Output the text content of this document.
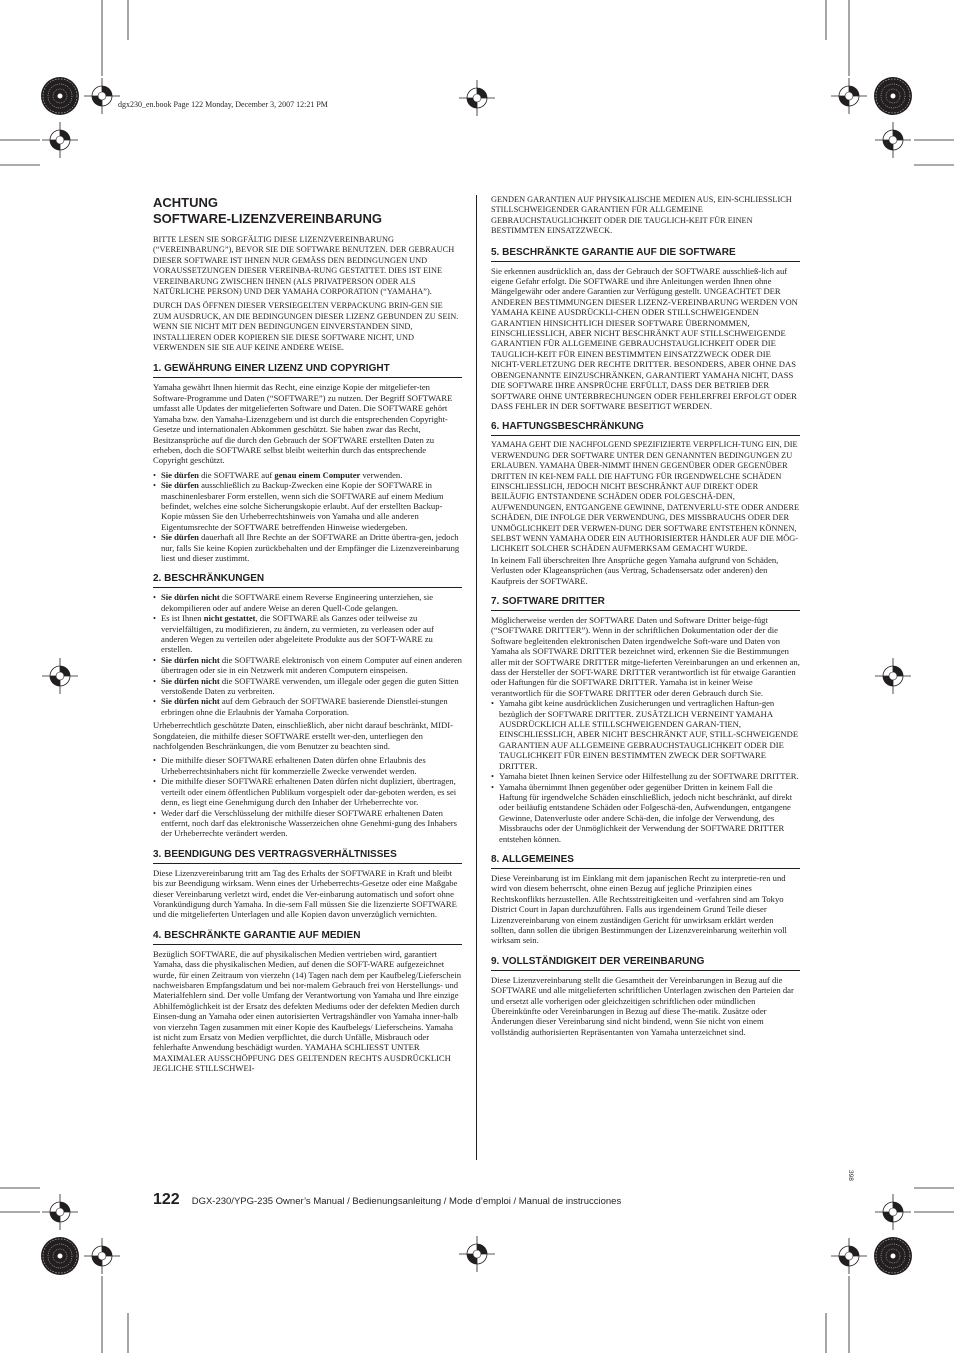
dgx230_en.book Page 122 Monday, December 3, 2007 12:21 PM
ACHTUNG
SOFTWARE-LIZENZVEREINBARUNG

BITTE LESEN SIE SORGFÄLTIG DIESE LIZENZVEREINBARUNG (“VEREINBARUNG”), BEVOR SIE DIE SOFTWARE BENUTZEN. DER GEBRAUCH DIESER SOFTWARE IST IHNEN NUR GEMÄSS DEN BEDINGUNGEN UND VORAUSSETZUNGEN DIESER VEREINBA-RUNG GESTATTET. DIES IST EINE VEREINBARUNG ZWISCHEN IHNEN (ALS PRIVATPERSON ODER ALS NATÜRLICHE PERSON) UND DER YAMAHA CORPORATION (“YAMAHA”).

DURCH DAS ÖFFNEN DIESER VERSIEGELTEN VERPACKUNG BRIN-GEN SIE ZUM AUSDRUCK, AN DIE BEDINGUNGEN DIESER LIZENZ GEBUNDEN ZU SEIN. WENN SIE NICHT MIT DEN BEDINGUNGEN EINVERSTANDEN SIND, INSTALLIEREN ODER KOPIEREN SIE DIESE SOFTWARE NICHT, UND VERWENDEN SIE SIE AUF KEINE ANDERE WEISE.

1. GEWÄHRUNG EINER LIZENZ UND COPYRIGHT

Yamaha gewährt Ihnen hiermit das Recht, eine einzige Kopie der mitgeliefer-ten Software-Programme und Daten (“SOFTWARE”) zu nutzen. Der Begriff SOFTWARE umfasst alle Updates der mitgelieferten Software und Daten. Die SOFTWARE gehört Yamaha bzw. den Yamaha-Lizenzgebern und ist durch die entsprechenden Copyright-Gesetze und internationalen Abkommen geschützt. Sie haben zwar das Recht, Besitzansprüche auf die durch den Gebrauch der SOFTWARE erstellten Daten zu erheben, doch die SOFTWARE selbst bleibt weiterhin durch das entsprechende Copyright geschützt.

• Sie dürfen die SOFTWARE auf genau einem Computer verwenden.
• Sie dürfen ausschließlich zu Backup-Zwecken eine Kopie der SOFTWARE in maschinenlesbarer Form erstellen, wenn sich die SOFTWARE auf einem Medium befindet, welches eine solche Sicherungskopie erlaubt. Auf der erstellten Backup-Kopie müssen Sie den Urheberrechtshinweis von Yamaha und alle anderen Eigentumsrechte der SOFTWARE betreffenden Hinweise wiedergeben.
• Sie dürfen dauerhaft all Ihre Rechte an der SOFTWARE an Dritte übertra-gen, jedoch nur, falls Sie keine Kopien zurückbehalten und der Empfänger die Lizenzvereinbarung liest und dieser zustimmt.
2. BESCHRÄNKUNGEN
• Sie dürfen nicht die SOFTWARE einem Reverse Engineering unterziehen, sie dekompilieren oder auf andere Weise an deren Quell-Code gelangen.
• Es ist Ihnen nicht gestattet, die SOFTWARE als Ganzes oder teilweise zu vervielfältigen, zu modifizieren, zu ändern, zu vermieten, zu verleasen oder auf anderen Wegen zu verteilen oder abgeleitete Produkte aus der SOFT-WARE zu erstellen.
• Sie dürfen nicht die SOFTWARE elektronisch von einem Computer auf einen anderen übertragen oder sie in ein Netzwerk mit anderen Computern einspeisen.
• Sie dürfen nicht die SOFTWARE verwenden, um illegale oder gegen die guten Sitten verstoßende Daten zu verbreiten.
• Sie dürfen nicht auf dem Gebrauch der SOFTWARE basierende Dienstlei-stungen erbringen ohne die Erlaubnis der Yamaha Corporation.

Urheberrechtlich geschützte Daten, einschließlich, aber nicht darauf beschränkt, MIDI-Songdateien, die mithilfe dieser SOFTWARE erstellt wer-den, unterliegen den nachfolgenden Beschränkungen, die vom Benutzer zu beachten sind.

• Die mithilfe dieser SOFTWARE erhaltenen Daten dürfen ohne Erlaubnis des Urheberrechtsinhabers nicht für kommerzielle Zwecke verwendet werden.
• Die mithilfe dieser SOFTWARE erhaltenen Daten dürfen nicht dupliziert, übertragen, verteilt oder einem öffentlichen Publikum vorgespielt oder dar-geboten werden, es sei denn, es liegt eine Genehmigung durch den Inhaber der Urheberrechte vor.
• Weder darf die Verschlüsselung der mithilfe dieser SOFTWARE erhaltenen Daten entfernt, noch darf das elektronische Wasserzeichen ohne Genehmi-gung des Inhabers der Urheberrechte verändert werden.
3. BEENDIGUNG DES VERTRAGSVERHÄLTNISSES

Diese Lizenzvereinbarung tritt am Tag des Erhalts der SOFTWARE in Kraft und bleibt bis zur Beendigung wirksam. Wenn eines der Urheberrechts-Gesetze oder eine Maßgabe dieser Vereinbarung verletzt wird, endet die Ver-einbarung automatisch und sofort ohne Vorankündigung durch Yamaha. In die-sem Fall müssen Sie die lizenzierte SOFTWARE und die mitgelieferten Unterlagen und alle Kopien davon unverzüglich vernichten.

4. BESCHRÄNKTE GARANTIE AUF MEDIEN

Bezüglich SOFTWARE, die auf physikalischen Medien vertrieben wird, garantiert Yamaha, dass die physikalischen Medien, auf denen die SOFT-WARE aufgezeichnet wurde, für einen Zeitraum von vierzehn (14) Tagen nach dem per Kaufbeleg/Lieferschein nachweisbaren Empfangsdatum und bei nor-malem Gebrauch frei von Herstellungs- und Materialfehlern sind. Der volle Umfang der Verantwortung von Yamaha und Ihre einzige Abhilfemöglichkeit ist der Ersatz des defekten Mediums oder der defekten Medien durch Einsen-dung an Yamaha oder einen autorisierten Vertragshändler von Yamaha inner-halb von vierzehn Tagen zusammen mit einer Kopie des Kaufbelegs/ Lieferscheins. Yamaha ist nicht zum Ersatz von Medien verpflichtet, die durch Unfälle, Misbrauch oder fehlerhafte Anwendung beschädigt wurden. YAMAHA SCHLIESST UNTER MAXIMALER AUSSCHÖPFUNG DES GELTENDEN RECHTS AUSDRÜCKLICH JEGLICHE STILLSCHWEI-

GENDEN GARANTIEN AUF PHYSIKALISCHE MEDIEN AUS, EIN-SCHLIESSLICH STILLSCHWEIGENDER GARANTIEN FÜR ALLGEMEINE GEBRAUCHSTAUGLICHKEIT ODER DIE TAUGLICH-KEIT FÜR EINEN BESTIMMTEN EINSATZZWECK.

5. BESCHRÄNKTE GARANTIE AUF DIE SOFTWARE

Sie erkennen ausdrücklich an, dass der Gebrauch der SOFTWARE ausschließ-lich auf eigene Gefahr erfolgt. Die SOFTWARE und ihre Anleitungen werden Ihnen ohne Mängelgewähr oder andere Garantien zur Verfügung gestellt. UNGEACHTET DER ANDEREN BESTIMMUNGEN DIESER LIZENZ-VEREINBARUNG WERDEN VON YAMAHA KEINE AUSDRÜCKLI-CHEN ODER STILLSCHWEIGENDEN GARANTIEN HINSICHTLICH DIESER SOFTWARE ÜBERNOMMEN, EINSCHLIESSLICH, ABER NICHT BESCHRÄNKT AUF STILLSCHWEIGENDE GARANTIEN FÜR ALLGEMEINE GEBRAUCHSTAUGLICHKEIT ODER DIE TAUGLICH-KEIT FÜR EINEN BESTIMMTEN EINSATZZWECK ODER DIE NICHT-VERLETZUNG DER RECHTE DRITTER. BESONDERS, ABER OHNE DAS OBENGENANNTE EINZUSCHRÄNKEN, GARANTIERT YAMAHA NICHT, DASS DIE SOFTWARE IHRE ANSPRÜCHE ERFÜLLT, DASS DER BETRIEB DER SOFTWARE OHNE UNTERBRECHUNGEN ODER FEHLERFREI ERFOLGT ODER DASS FEHLER IN DER SOFTWARE BESEITIGT WERDEN.

6. HAFTUNGSBESCHRÄNKUNG

YAMAHA GEHT DIE NACHFOLGEND SPEZIFIZIERTE VERPFLICH-TUNG EIN, DIE VERWENDUNG DER SOFTWARE UNTER DEN GENANNTEN BEDINGUNGEN ZU ERLAUBEN. YAMAHA ÜBER-NIMMT IHNEN GEGENÜBER ODER GEGENÜBER DRITTEN IN KEI-NEM FALL DIE HAFTUNG FÜR IRGENDWELCHE SCHÄDEN EINSCHLIESSLICH, JEDOCH NICHT BESCHRÄNKT AUF DIREKT ODER BEILÄUFIG ENTSTANDENE SCHÄDEN ODER FOLGESCHÄ-DEN, AUFWENDUNGEN, ENTGANGENE GEWINNE, DATENVERLU-STE ODER ANDERE SCHÄDEN, DIE INFOLGE DER VERWENDUNG, DES MISSBRAUCHS ODER DER UNMÖGLICHKEIT DER VERWEN-DUNG DER SOFTWARE ENTSTEHEN KÖNNEN, SELBST WENN YAMAHA ODER EIN AUTHORISIERTER HÄNDLER AUF DIE MÖG-LICHKEIT SOLCHER SCHÄDEN AUFMERKSAM GEMACHT WURDE.

In keinem Fall überschreiten Ihre Ansprüche gegen Yamaha aufgrund von Schäden, Verlusten oder Klageansprüchen (aus Vertrag, Schadensersatz oder anderen) den Kaufpreis der SOFTWARE.

7. SOFTWARE DRITTER

Möglicherweise werden der SOFTWARE Daten und Software Dritter beige-fügt (“SOFTWARE DRITTER”). Wenn in der schriftlichen Dokumentation oder der die Software begleitenden elektronischen Daten irgendwelche Soft-ware und Daten von Yamaha als SOFTWARE DRITTER bezeichnet wird, erkennen Sie die Bestimmungen aller mit der SOFTWARE DRITTER mitge-lieferten Vereinbarungen an und erkennen an, dass der Hersteller der SOFT-WARE DRITTER verantwortlich ist für etwaige Garantien oder Haftungen für die SOFTWARE DRITTER. Yamaha ist in keiner Weise verantwortlich für die SOFTWARE DRITTER oder deren Gebrauch durch Sie.

• Yamaha gibt keine ausdrücklichen Zusicherungen und vertraglichen Haftun-gen bezüglich der SOFTWARE DRITTER. ZUSÄTZLICH VERNEINT YAMAHA AUSDRÜCKLICH ALLE STILLSCHWEIGENDEN GARAN-TIEN, EINSCHLIESSLICH, ABER NICHT BESCHRÄNKT AUF, STILL-SCHWEIGENDE GARANTIEN AUF ALLGEMEINE GEBRAUCHSTAUGLICHKEIT ODER DIE TAUGLICHKEIT FÜR EINEN BESTIMMTEN ZWECK DER SOFTWARE DRITTER.
• Yamaha bietet Ihnen keinen Service oder Hilfestellung zu der SOFTWARE DRITTER.
• Yamaha übernimmt Ihnen gegenüber oder gegenüber Dritten in keinem Fall die Haftung für irgendwelche Schäden einschließlich, jedoch nicht beschränkt, auf direkt oder beiläufig entstandene Schäden oder Folgeschä-den, Aufwendungen, entgangene Gewinne, Datenverluste oder andere Schä-den, die infolge der Verwendung, des Missbrauchs oder der Unmöglichkeit der Verwendung der SOFTWARE DRITTER entstehen können.
8. ALLGEMEINES

Diese Vereinbarung ist im Einklang mit dem japanischen Recht zu interpretie-ren und wird von diesem beherrscht, ohne einen Bezug auf jegliche Prinzipien eines Rechtskonflikts herzustellen. Alle Rechtsstreitigkeiten und -verfahren sind am Tokyo District Court in Japan durchzuführen. Falls aus irgendeinem Grund Teile dieser Lizenzvereinbarung von einem zuständigen Gericht für unwirksam erklärt werden sollten, dann sollen die übrigen Bestimmungen der Lizenzvereinbarung weiterhin voll wirksam sein.

9. VOLLSTÄNDIGKEIT DER VEREINBARUNG

Diese Lizenzvereinbarung stellt die Gesamtheit der Vereinbarungen in Bezug auf die SOFTWARE und alle mitgelieferten schriftlichen Unterlagen zwischen den Parteien dar und ersetzt alle vorherigen oder gleichzeitigen schriftlichen oder mündlichen Übereinkünfte oder Vereinbarungen in Bezug auf diese The-matik. Zusätze oder Änderungen dieser Vereinbarung sind nicht bindend, wenn Sie nicht von einem vollständig authorisierten Repräsentanten von Yamaha unterzeichnet sind.

398
122 DGX-230/YPG-235 Owner’s Manual / Bedienungsanleitung / Mode d’emploi / Manual de instrucciones
